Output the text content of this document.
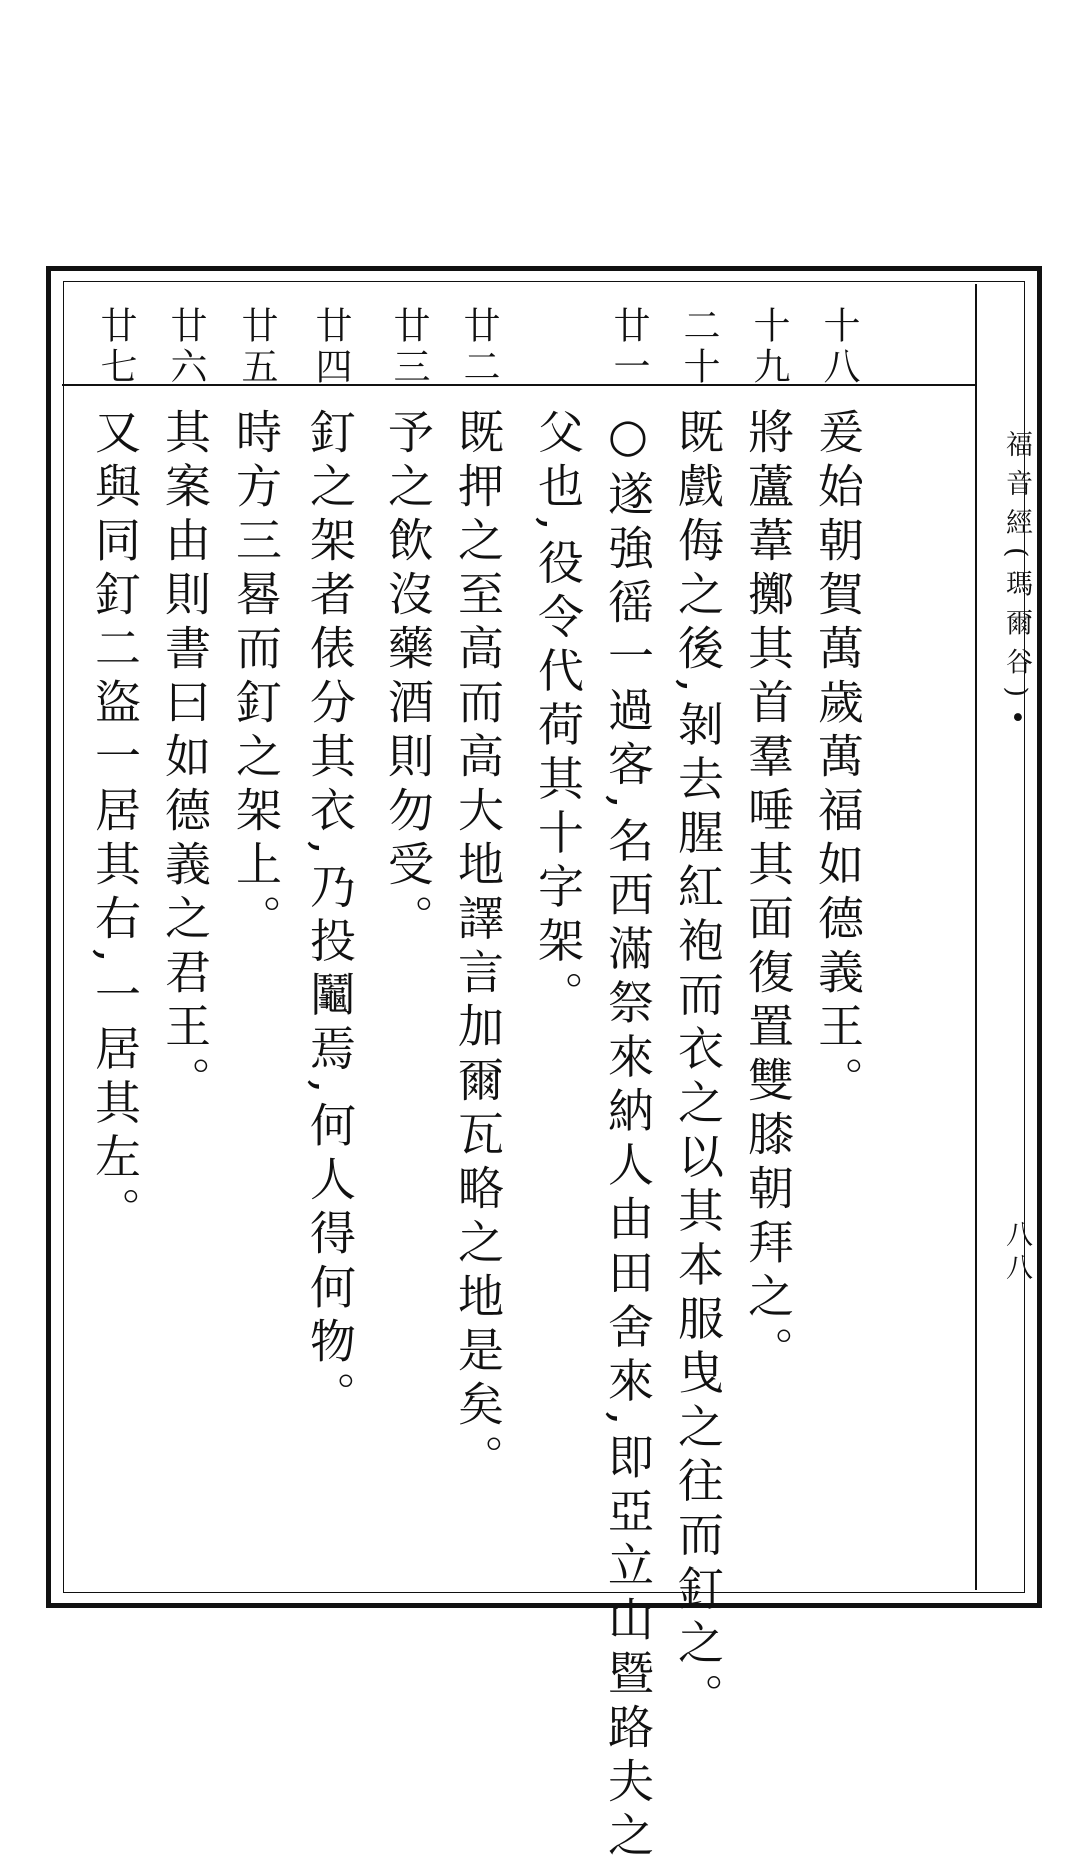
福音經(瑪爾谷)•
八八
十八
爰始朝賀萬歲萬福如德義王。
十九
將蘆葦擲其首羣唾其面復置雙膝朝拜之。
二十
既戲侮之後,剝去腥紅袍而衣之以其本服曳之往而釘之。
廿一
○遂強徭一過客,名西滿祭來納人由田舍來,即亞立山暨路夫之
父也,役令代荷其十字架。
廿二
既押之至高而高大地譯言加爾瓦略之地是矣。
廿三
予之飲沒藥酒則勿受。
廿四
釘之架者俵分其衣,乃投鬮焉,何人得何物。
廿五
時方三晷而釘之架上。
廿六
其案由則書曰如德義之君王。
廿七
又與同釘二盜一居其右,一居其左。
